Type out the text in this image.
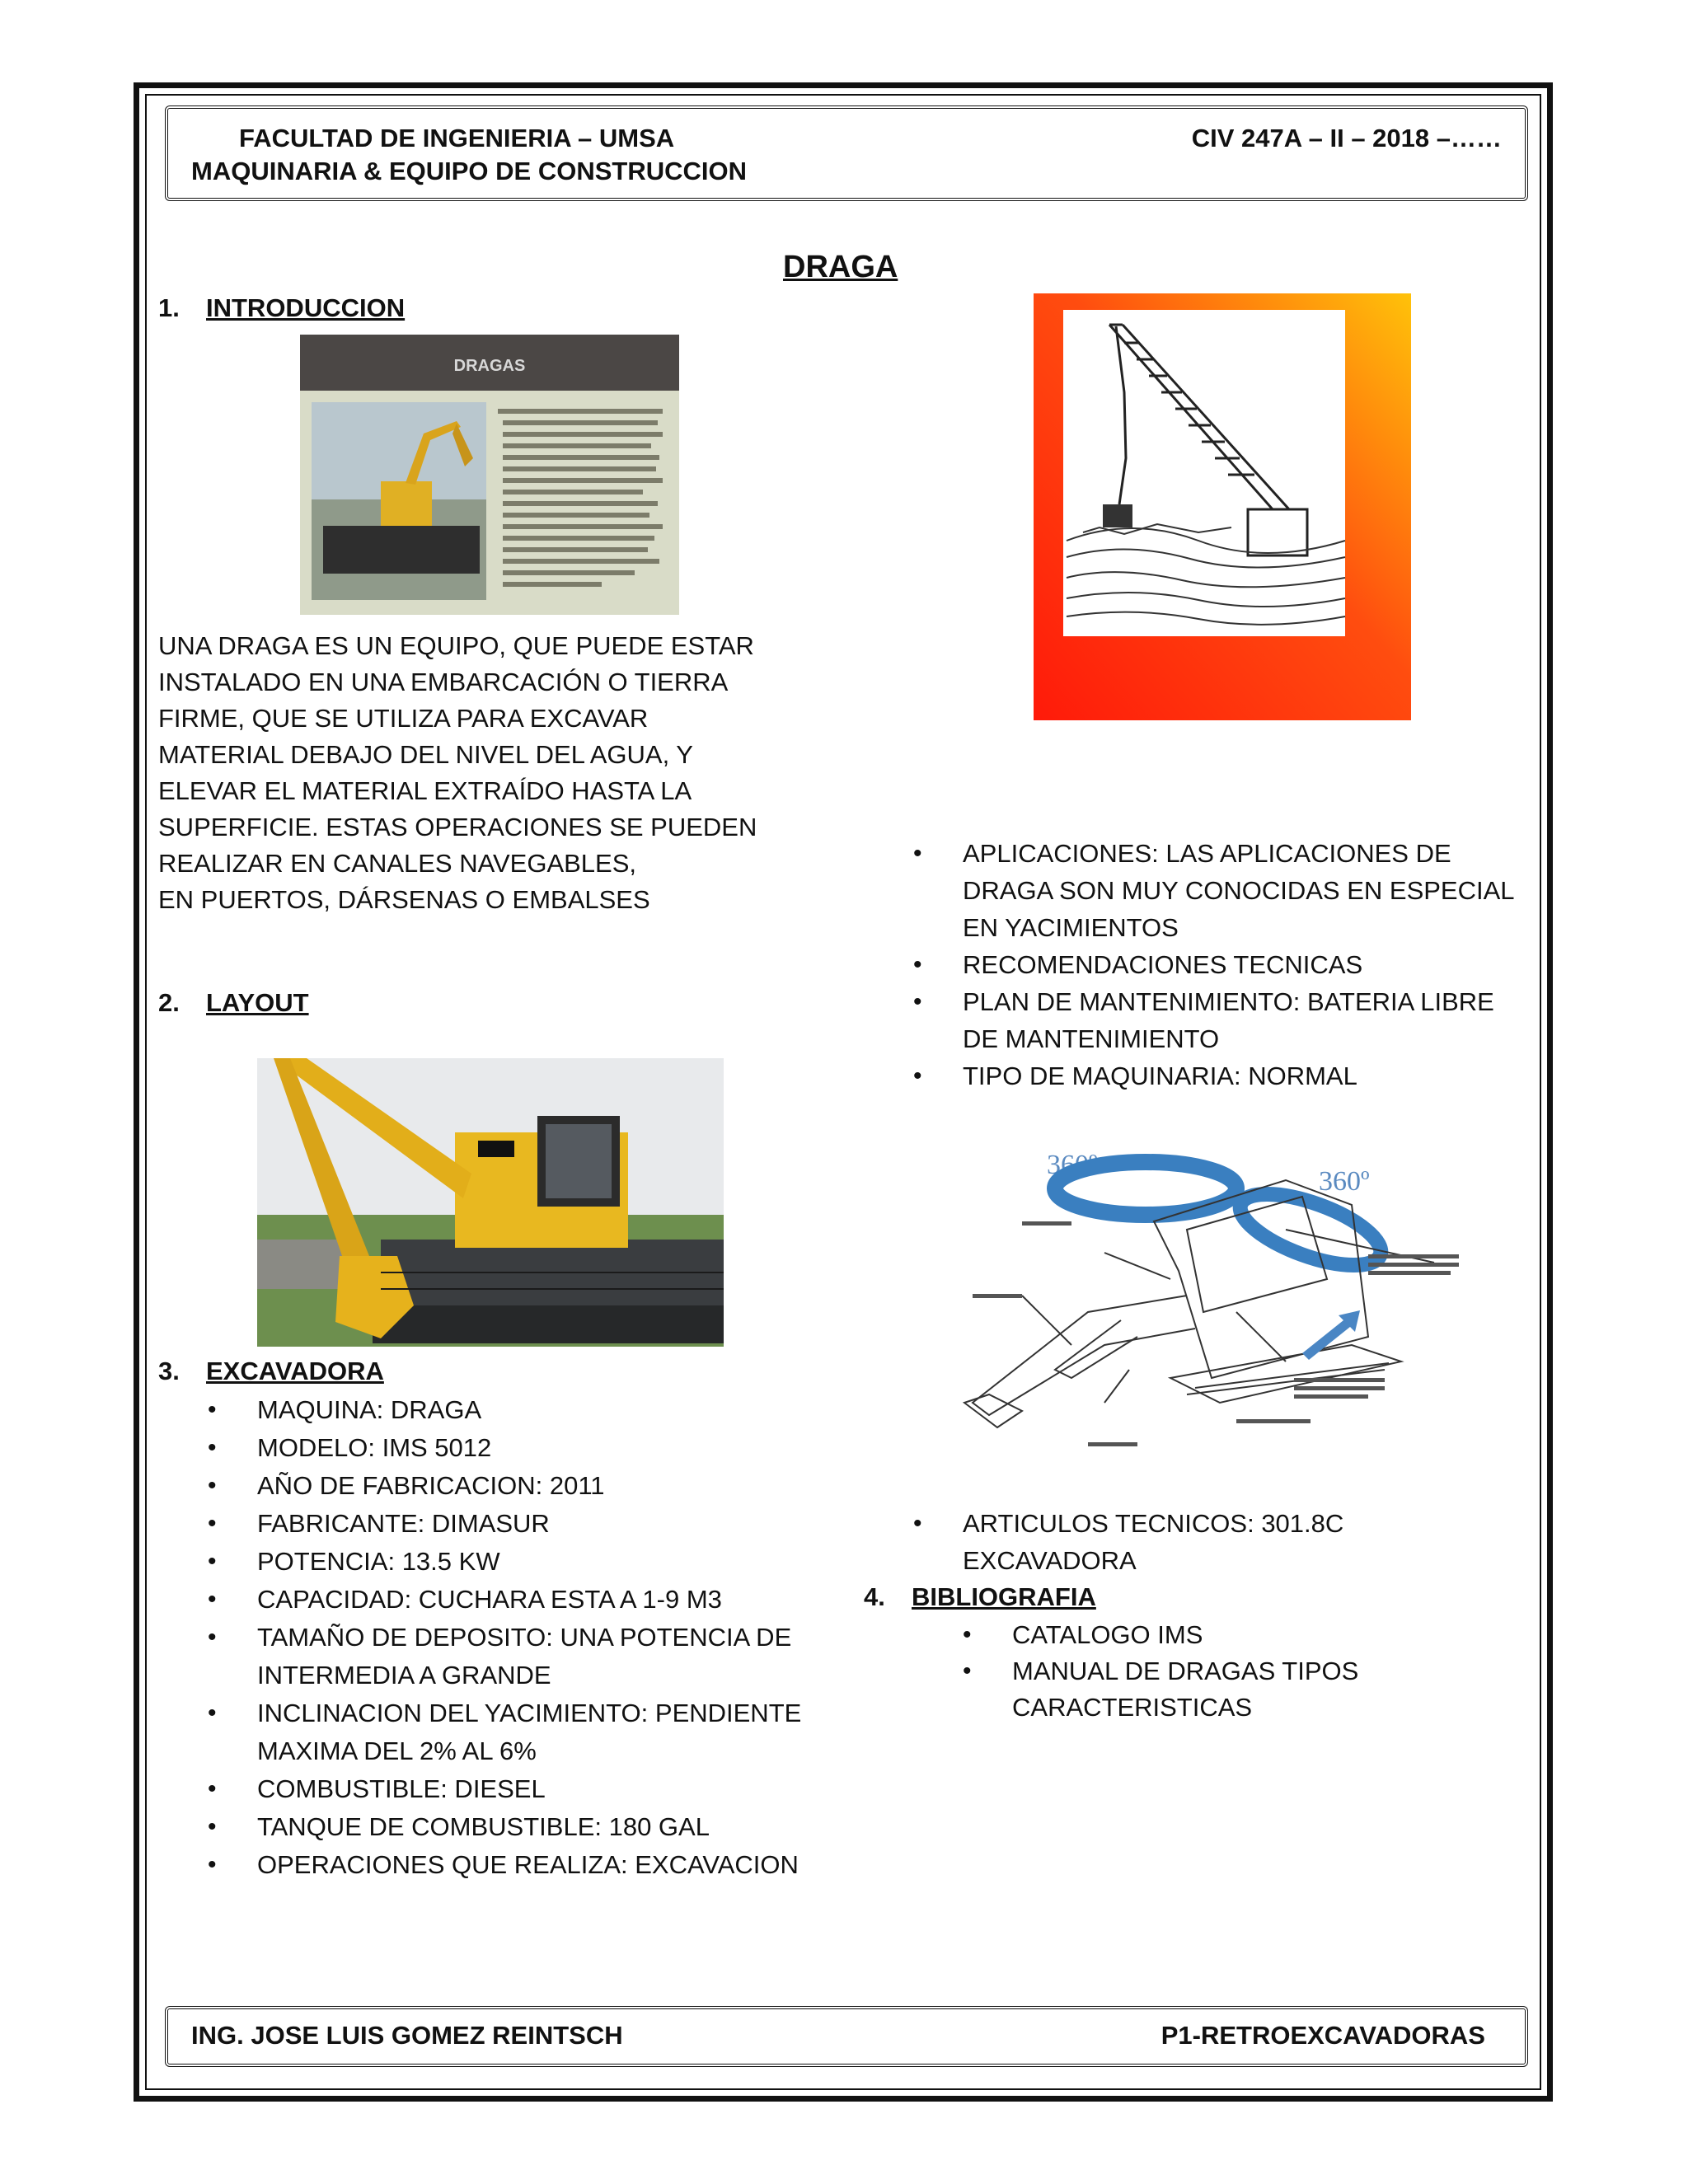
FACULTAD DE INGENIERIA – UMSA
MAQUINARIA & EQUIPO DE CONSTRUCCION
CIV 247A – II – 2018 –……
DRAGA
1. INTRODUCCION
DRAGAS
UNA DRAGA ES UN EQUIPO, QUE PUEDE ESTAR
INSTALADO EN UNA EMBARCACIÓN O TIERRA
FIRME, QUE SE UTILIZA PARA EXCAVAR
MATERIAL DEBAJO DEL NIVEL DEL AGUA, Y
ELEVAR EL MATERIAL EXTRAÍDO HASTA LA
SUPERFICIE. ESTAS OPERACIONES SE PUEDEN
REALIZAR EN CANALES NAVEGABLES,
EN PUERTOS, DÁRSENAS O EMBALSES
• APLICACIONES: LAS APLICACIONES DE DRAGA SON MUY CONOCIDAS EN ESPECIAL EN YACIMIENTOS
• RECOMENDACIONES TECNICAS
• PLAN DE MANTENIMIENTO: BATERIA LIBRE DE MANTENIMIENTO
• TIPO DE MAQUINARIA: NORMAL
2. LAYOUT
360º
360º
3. EXCAVADORA
• MAQUINA: DRAGA
• MODELO: IMS 5012
• AÑO DE FABRICACION: 2011
• FABRICANTE: DIMASUR
• POTENCIA: 13.5 KW
• CAPACIDAD: CUCHARA ESTA A 1-9 M3
• TAMAÑO DE DEPOSITO: UNA POTENCIA DE INTERMEDIA A GRANDE
• INCLINACION DEL YACIMIENTO: PENDIENTE MAXIMA DEL 2% AL 6%
• COMBUSTIBLE: DIESEL
• TANQUE DE COMBUSTIBLE: 180 GAL
• OPERACIONES QUE REALIZA: EXCAVACION
• ARTICULOS TECNICOS: 301.8C EXCAVADORA
4. BIBLIOGRAFIA
• CATALOGO IMS
• MANUAL DE DRAGAS TIPOS CARACTERISTICAS
ING. JOSE LUIS GOMEZ REINTSCH	P1-RETROEXCAVADORAS
